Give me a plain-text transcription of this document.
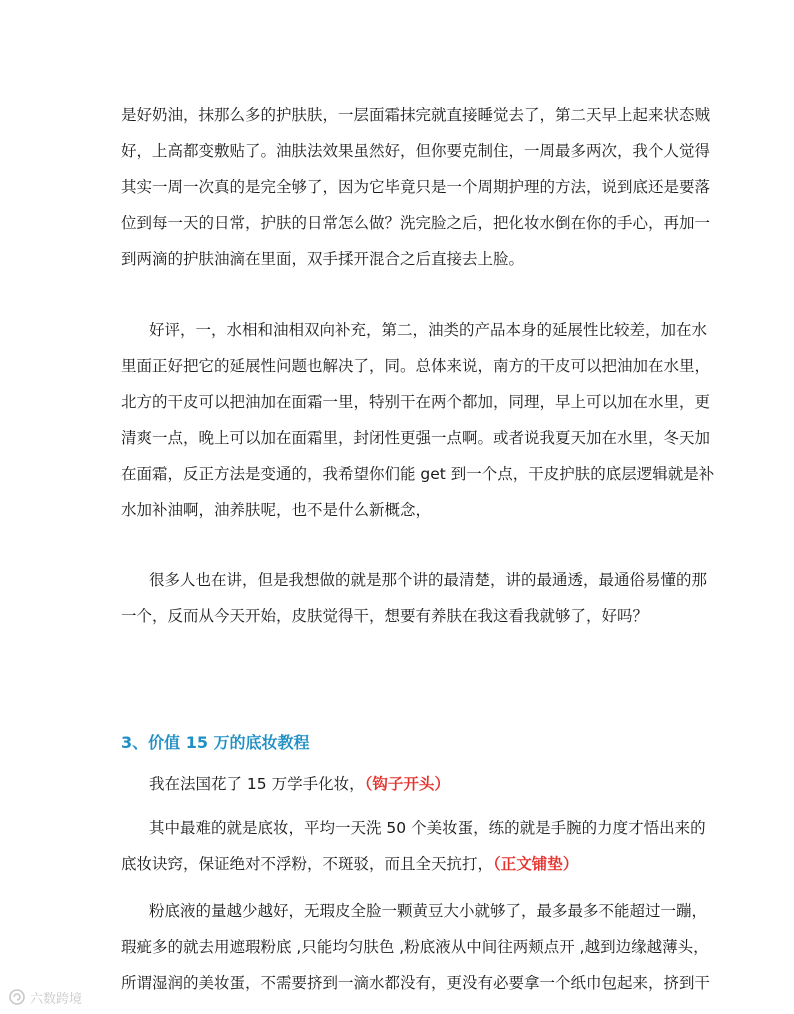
是好奶油，抹那么多的护肤肤，一层面霜抹完就直接睡觉去了，第二天早上起来状态贼
好，上高都变敷贴了。油肤法效果虽然好，但你要克制住，一周最多两次，我个人觉得
其实一周一次真的是完全够了，因为它毕竟只是一个周期护理的方法，说到底还是要落
位到每一天的日常，护肤的日常怎么做？洗完脸之后，把化妆水倒在你的手心，再加一
到两滴的护肤油滴在里面，双手揉开混合之后直接去上脸。
好评，一，水相和油相双向补充，第二，油类的产品本身的延展性比较差，加在水
里面正好把它的延展性问题也解决了，同。总体来说，南方的干皮可以把油加在水里，
北方的干皮可以把油加在面霜一里，特别干在两个都加，同理，早上可以加在水里，更
清爽一点，晚上可以加在面霜里，封闭性更强一点啊。或者说我夏天加在水里，冬天加
在面霜，反正方法是变通的，我希望你们能 get 到一个点，干皮护肤的底层逻辑就是补
水加补油啊，油养肤呢，也不是什么新概念，
很多人也在讲，但是我想做的就是那个讲的最清楚，讲的最通透，最通俗易懂的那
一个，反而从今天开始，皮肤觉得干，想要有养肤在我这看我就够了，好吗？
3、价值 15 万的底妆教程
我在法国花了 15 万学手化妆，（钩子开头）
其中最难的就是底妆，平均一天洗 50 个美妆蛋，练的就是手腕的力度才悟出来的
底妆诀窍，保证绝对不浮粉，不斑驳，而且全天抗打，（正文铺垫）
粉底液的量越少越好，无瑕皮全脸一颗黄豆大小就够了，最多最多不能超过一蹦，
瑕疵多的就去用遮瑕粉底 ,只能均匀肤色 ,粉底液从中间往两颊点开 ,越到边缘越薄头，
所谓湿润的美妆蛋，不需要挤到一滴水都没有，更没有必要拿一个纸巾包起来，挤到干
六数跨境
